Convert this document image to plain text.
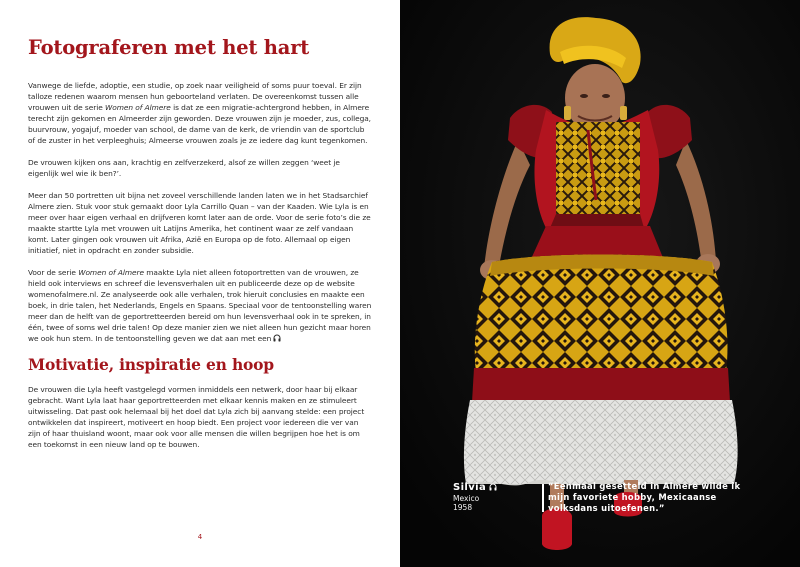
Fotograferen met het hart

Vanwege de liefde, adoptie, een studie, op zoek naar veiligheid of soms puur toeval. Er zijn talloze redenen waarom mensen hun geboorteland verlaten. De overeenkomst tussen alle vrouwen uit de serie Women of Almere is dat ze een migratie-achtergrond hebben, in Almere terecht zijn gekomen en Almeerder zijn geworden. Deze vrouwen zijn je moeder, zus, collega, buurvrouw, yogajuf, moeder van school, de dame van de kerk, de vriendin van de sportclub of de zuster in het verpleeghuis; Almeerse vrouwen zoals je ze iedere dag kunt tegenkomen.

De vrouwen kijken ons aan, krachtig en zelfverzekerd, alsof ze willen zeggen ‘weet je eigenlijk wel wie ik ben?’.

Meer dan 50 portretten uit bijna net zoveel verschillende landen laten we in het Stadsarchief Almere zien. Stuk voor stuk gemaakt door Lyla Carrillo Quan – van der Kaaden. Wie Lyla is en meer over haar eigen verhaal en drijfveren komt later aan de orde. Voor de serie foto’s die ze maakte startte Lyla met vrouwen uit Latijns Amerika, het continent waar ze zelf vandaan komt. Later gingen ook vrouwen uit Afrika, Azië en Europa op de foto. Allemaal op eigen initiatief, niet in opdracht en zonder subsidie.

Voor de serie Women of Almere maakte Lyla niet alleen fotoportretten van de vrouwen, ze hield ook interviews en schreef die levensverhalen uit en publiceerde deze op de website womenofalmere.nl. Ze analyseerde ook alle verhalen, trok hieruit conclusies en maakte een boek, in drie talen, het Nederlands, Engels en Spaans. Speciaal voor de tentoonstelling waren meer dan de helft van de geportretteerden bereid om hun levensverhaal ook in te spreken, in één, twee of soms wel drie talen! Op deze manier zien we niet alleen hun gezicht maar horen we ook hun stem. In de tentoonstelling geven we dat aan met een

Motivatie, inspiratie en hoop

De vrouwen die Lyla heeft vastgelegd vormen inmiddels een netwerk, door haar bij elkaar gebracht. Want Lyla laat haar geportretteerden met elkaar kennis maken en ze stimuleert uitwisseling. Dat past ook helemaal bij het doel dat Lyla zich bij aanvang stelde: een project ontwikkelen dat inspireert, motiveert en hoop biedt. Een project voor iedereen die ver van zijn of haar thuisland woont, maar ook voor alle mensen die willen begrijpen hoe het is om een toekomst in een nieuw land op te bouwen.

4
Silvia
Mexico
1958
“Eenmaal gesetteld in Almere wilde ik mijn favoriete hobby, Mexicaanse volksdans uitoefenen.”
